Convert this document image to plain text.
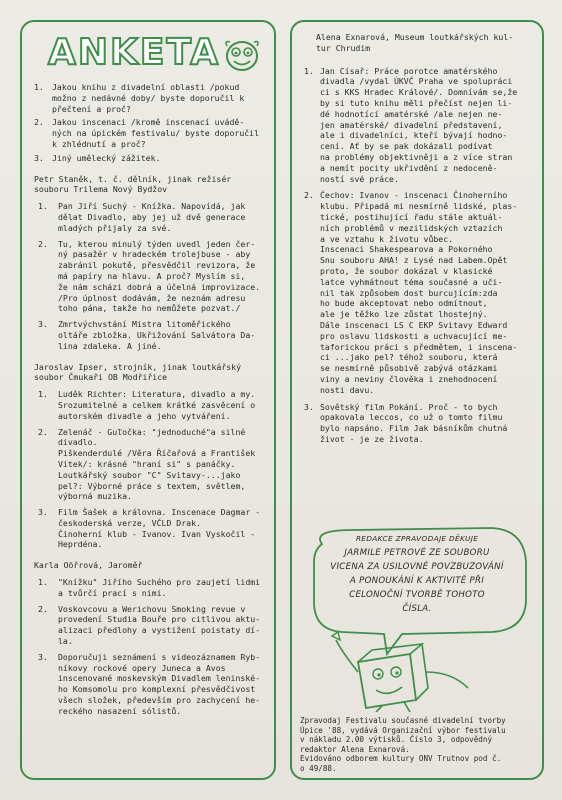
ANKETA
1. Jakou knihu z divadelní oblasti /pokud
možno z nedávné doby/ byste doporučil k
přečtení a proč?
2. Jakou inscenaci /kromě inscenací uvádě-
ných na úpickém festivalu/ byste doporučil
k zhlédnutí a proč?
3. Jiný umělecký zážitek.
Petr Staněk, t. č. dělník, jinak režisér
souboru Trilema Nový Bydžov
1.	Pan Jiří Suchý - Knížka. Napovídá, jak
dělat Divadlo, aby jej už dvě generace
mladých přijaly za své.
2.	Tu, kterou minulý týden uvedl jeden čer-
ný pasažér v hradeckém trolejbuse - aby
zabránil pokutě, přesvědčil revizora, že
má papíry na hlavu. A proč? Myslím si,
že nám scházi dobrá a účelná improvizace.
/Pro úplnost dodávám, že neznám adresu
toho pána, takže ho nemůžete pozvat./
3.	Zmrtvýchvstání Mistra litoměřického
oltáře zbložka. Ukřižování Salvátora Da-
lina zdaleka. A jiné.
Jaroslav Ipser, strojník, jinak loutkářský
soubor Čmukaři OB Modřiřice
1.	Luděk Richter: Literatura, divadlo a my.
Srozumitelné a celkem krátké zasvěcení o
autorském divadle a jeho vytváření.
2.	Zelenáč - Guľočka: "jednoduché"a silné
divadlo.
Piškenderdulé /Věra Říčařová a František
Vítek/: krásné "hraní si" s panáčky.
Loutkářský soubor "C" Svitavy-...jako
pel?: Výborné práce s textem, světlem,
výborná muzika.
3.	Film Šašek a královna. Inscenace Dagmar -
českoderská verze, VČLD Drak.
Činoherní klub - Ivanov. Ivan Vyskočil -
Heprdéna.
Karla Oöřrová, Jaroměř
1.	"Knížku" Jiřího Suchého pro zaujetí lidmi
a tvůrčí prací s nimi.
2.	Voskovcovu a Werichovu Smoking revue v
provedení Studia Bouře pro citlivou aktu-
alizaci předlohy a vystižení poistaty dí-
la.
3.	Doporučuji seznámení s videozáznamem Ryb-
níkovy rockové opery Juneca a Avos
inscenované moskevským Divadlem leninské-
ho Komsomolu pro komplexní přesvědčivost
všech složek, především pro zachycení he-
reckého nasazení sólistů.
Alena Exnarová, Museum loutkářských kul-
tur Chrudim
1. Jan Císař: Práce porotce amatérského
divadla /vydal ÚKVČ Praha ve spolupráci
ci s KKS Hradec Králové/. Domnívám se,že
by si tuto knihu měli přečíst nejen li-
dé hodnotící amatérské /ale nejen ne-
jen amatérské/ divadelní představení,
ale i divadelníci, kteří bývají hodno-
cení. Ať by se pak dokázali podívat
na problémy objektivněji a z více stran
a nemít pocity ukřivdění z nedoceně-
ností své práce.
2. Čechov: Ivanov - inscenaci Činoherního
klubu. Připadá mi nesmírně lidské, plas-
tické, postihující řadu stále aktuál-
ních problémů v mezilidských vztazích
a ve vztahu k životu vůbec.
Inscenaci Shakespearova a Pokorného
Snu souboru AHA! z Lysé nad Labem.Opět
proto, že soubor dokázal v klasické
latce vyhmátnout téma současné a uči-
nil tak způsobem dost burcujícím:zda
ho bude akceptovat nebo odmítnout,
ale je těžko lze zůstat lhostejný.
Dále inscenaci LS C EKP Svitavy Edward
pro oslavu lidskosti a uchvacující me-
taforickou práci s předmětem, i inscena-
ci ...jako pel? téhož souboru, která
se nesmírně působivě zabývá otázkami
viny a neviny člověka i znehodnocení
nosti davu.
3. Sovětský film Pokání. Proč - to bych
opakovala leccos, co už o tomto filmu
bylo napsáno. Film Jak básníkům chutná
život - je ze života.
REDAKCE ZPRAVODAJE DĚKUJE
JARMILE PETROVÉ ZE SOUBORU
VICENA ZA USILOVNÉ POVZBUZOVÁNÍ
A PONOUKÁNÍ K AKTIVITĚ PŘI
CELONOČNÍ TVORBĚ TOHOTO
ČÍSLA.
Zpravodaj Festivalu současné divadelní tvorby
Úpice '88, vydává Organizační výbor festivalu
v nákladu 2.00 výtisků. Číslo 3, odpovědný
redaktor Alena Exnarová.
Evidováno odborem kultury ONV Trutnov pod č.
o 49/88.
